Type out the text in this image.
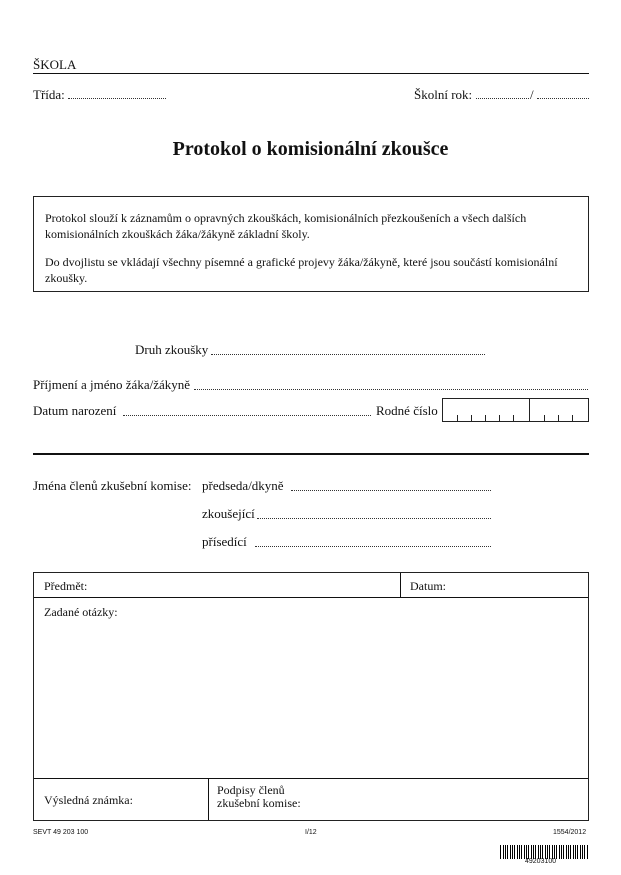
ŠKOLA
Třída:	Školní rok:	/
Protokol o komisionální zkoušce
Protokol slouží k záznamům o opravných zkouškách, komisionálních přezkoušeních a všech dalších komisionálních zkouškách žáka/žákyně základní školy.
Do dvojlistu se vkládají všechny písemné a grafické projevy žáka/žákyně, které jsou součástí komisionální zkoušky.
Druh zkoušky
Příjmení a jméno žáka/žákyně
Datum narození	Rodné číslo
Jména členů zkušební komise: předseda/dkyně
zkoušející
přísedící
Předmět:	Datum:
Zadané otázky:
Výsledná známka:
Podpisy členů
zkušební komise:
SEVT 49 203 100	I/12	1554/2012
49203100
